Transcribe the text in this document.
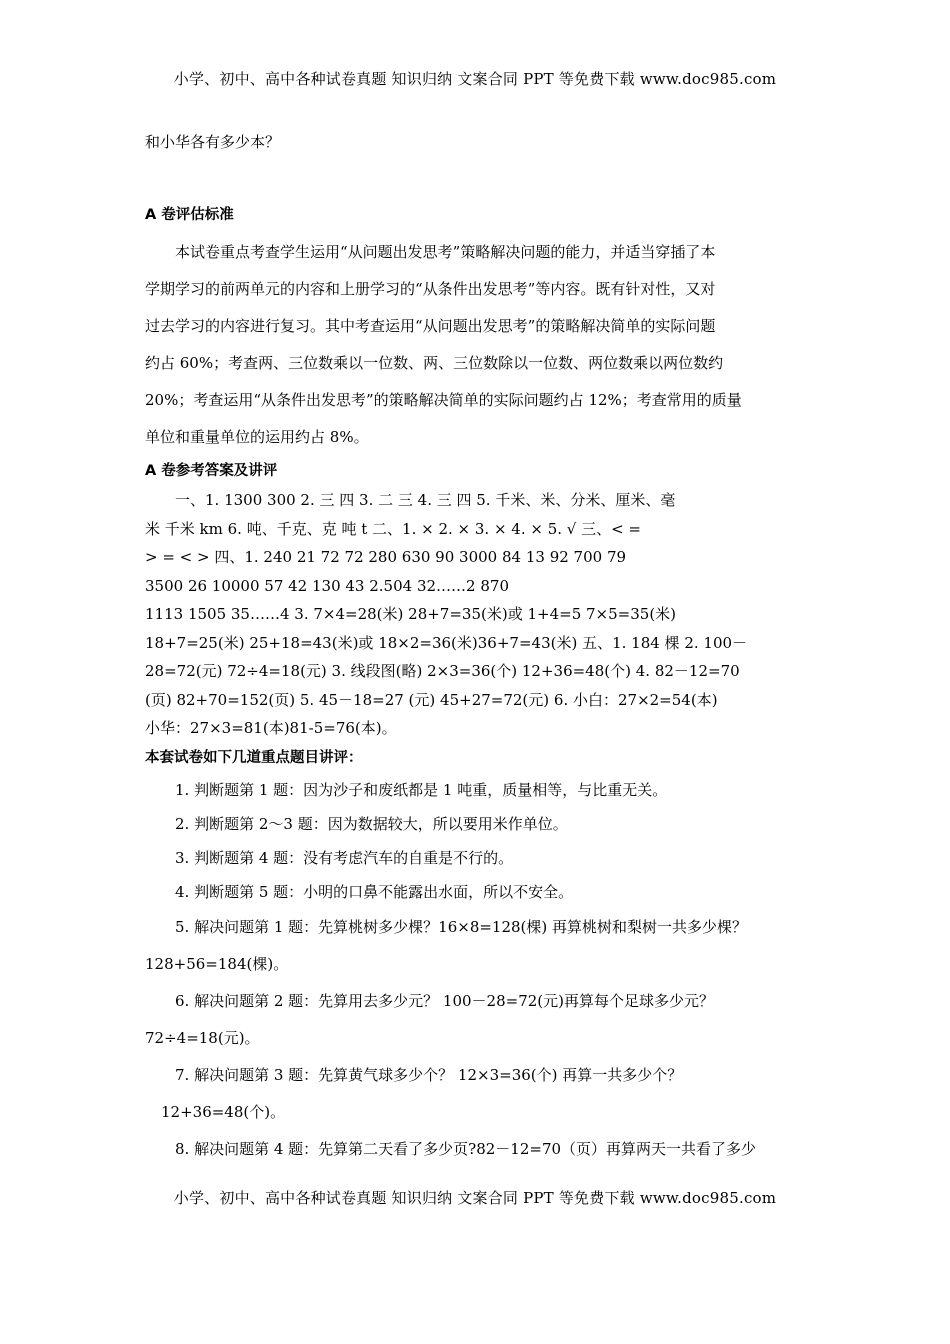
小学、初中、高中各种试卷真题 知识归纳 文案合同 PPT 等免费下载 www.doc985.com
和小华各有多少本？
A 卷评估标准
本试卷重点考查学生运用“从问题出发思考”策略解决问题的能力，并适当穿插了本
学期学习的前两单元的内容和上册学习的“从条件出发思考”等内容。既有针对性，又对
过去学习的内容进行复习。其中考查运用“从问题出发思考”的策略解决简单的实际问题
约占 60%；考查两、三位数乘以一位数、两、三位数除以一位数、两位数乘以两位数约
20%；考查运用“从条件出发思考”的策略解决简单的实际问题约占 12%；考查常用的质量
单位和重量单位的运用约占 8%。
A 卷参考答案及讲评
一、1. 1300 300 2. 三 四 3. 二 三 4. 三 四 5. 千米、米、分米、厘米、毫
米 千米 km 6. 吨、千克、克 吨 t 二、1. × 2. × 3. × 4. × 5. √ 三、< =
> = < > 四、1. 240 21 72 72 280 630 90 3000 84 13 92 700 79
3500 26 10000 57 42 130 43 2.504 32……2 870
1113 1505 35……4 3. 7×4=28(米) 28+7=35(米)或 1+4=5 7×5=35(米)
18+7=25(米) 25+18=43(米)或 18×2=36(米)36+7=43(米) 五、1. 184 棵 2. 100－
28=72(元) 72÷4=18(元) 3. 线段图(略) 2×3=36(个) 12+36=48(个) 4. 82－12=70
(页) 82+70=152(页) 5. 45－18=27 (元) 45+27=72(元) 6. 小白：27×2=54(本)
小华：27×3=81(本)81-5=76(本)。
本套试卷如下几道重点题目讲评：
1. 判断题第 1 题：因为沙子和废纸都是 1 吨重，质量相等，与比重无关。
2. 判断题第 2～3 题：因为数据较大，所以要用米作单位。
3. 判断题第 4 题：没有考虑汽车的自重是不行的。
4. 判断题第 5 题：小明的口鼻不能露出水面，所以不安全。
5. 解决问题第 1 题：先算桃树多少棵？16×8=128(棵) 再算桃树和梨树一共多少棵？
128+56=184(棵)。
6. 解决问题第 2 题：先算用去多少元？ 100－28=72(元)再算每个足球多少元？
72÷4=18(元)。
7. 解决问题第 3 题：先算黄气球多少个？ 12×3=36(个) 再算一共多少个？
12+36=48(个)。
8. 解决问题第 4 题：先算第二天看了多少页?82－12=70（页）再算两天一共看了多少
小学、初中、高中各种试卷真题 知识归纳 文案合同 PPT 等免费下载 www.doc985.com
